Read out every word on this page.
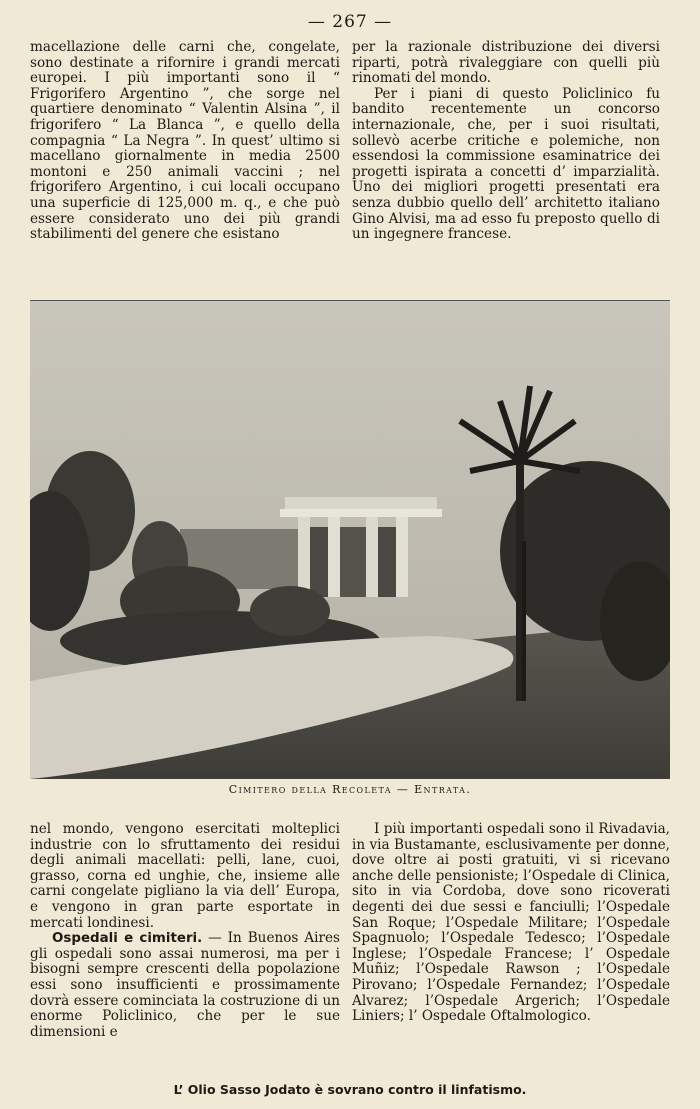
— 267 —

macellazione delle carni che, congelate, sono destinate a rifornire i grandi mercati europei. I più importanti sono il “ Frigorifero Argentino ”, che sorge nel quartiere denominato “ Valentin Alsina ”, il frigorifero “ La Blanca ”, e quello della compagnia “ La Negra ”. In quest’ ultimo si macellano giornalmente in media 2500 montoni e 250 animali vaccini ; nel frigorifero Argentino, i cui locali occupano una superficie di 125,000 m. q., e che può essere considerato uno dei più grandi stabilimenti del genere che esistano

per la razionale distribuzione dei diversi riparti, potrà rivaleggiare con quelli più rinomati del mondo.

Per i piani di questo Policlinico fu bandito recentemente un concorso internazionale, che, per i suoi risultati, sollevò acerbe critiche e polemiche, non essendosi la commissione esaminatrice dei progetti ispirata a concetti d’ imparzialità. Uno dei migliori progetti presentati era senza dubbio quello dell’ architetto italiano Gino Alvisi, ma ad esso fu preposto quello di un ingegnere francese.

Cimitero della Recoleta — Entrata.

nel mondo, vengono esercitati molteplici industrie con lo sfruttamento dei residui degli animali macellati: pelli, lane, cuoi, grasso, corna ed unghie, che, insieme alle carni congelate pigliano la via dell’ Europa, e vengono in gran parte esportate in mercati londinesi.

Ospedali e cimiteri. — In Buenos Aires gli ospedali sono assai numerosi, ma per i bisogni sempre crescenti della popolazione essi sono insufficienti e prossimamente dovrà essere cominciata la costruzione di un enorme Policlinico, che per le sue dimensioni e

I più importanti ospedali sono il Rivadavia, in via Bustamante, esclusivamente per donne, dove oltre ai posti gratuiti, vi si ricevano anche delle pensioniste; l’Ospedale di Clinica, sito in via Cordoba, dove sono ricoverati degenti dei due sessi e fanciulli; l’Ospedale San Roque; l’Ospedale Militare; l’Ospedale Spagnuolo; l’Ospedale Tedesco; l’Ospedale Inglese; l’Ospedale Francese; l’ Ospedale Muñiz; l’Ospedale Rawson ; l’Ospedale Pirovano; l’Ospedale Fernandez; l’Ospedale Alvarez; l’Ospedale Argerich; l’Ospedale Liniers; l’ Ospedale Oftalmologico.

L’ Olio Sasso Jodato è sovrano contro il linfatismo.
